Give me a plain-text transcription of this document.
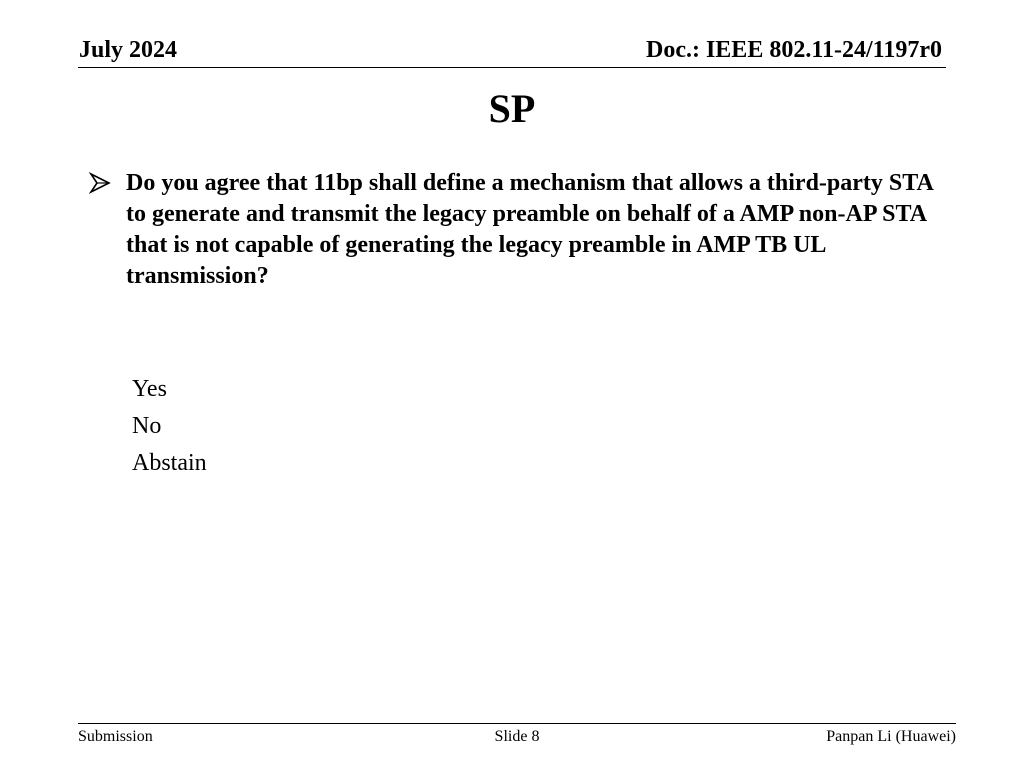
July 2024	Doc.: IEEE 802.11-24/1197r0
SP

Do you agree that 11bp shall define a mechanism that allows a third-party STA to generate and transmit the legacy preamble on behalf of a AMP non-AP STA that is not capable of generating the legacy preamble in AMP TB UL transmission?

Yes
No
Abstain
Submission	Slide 8	Panpan Li (Huawei)
